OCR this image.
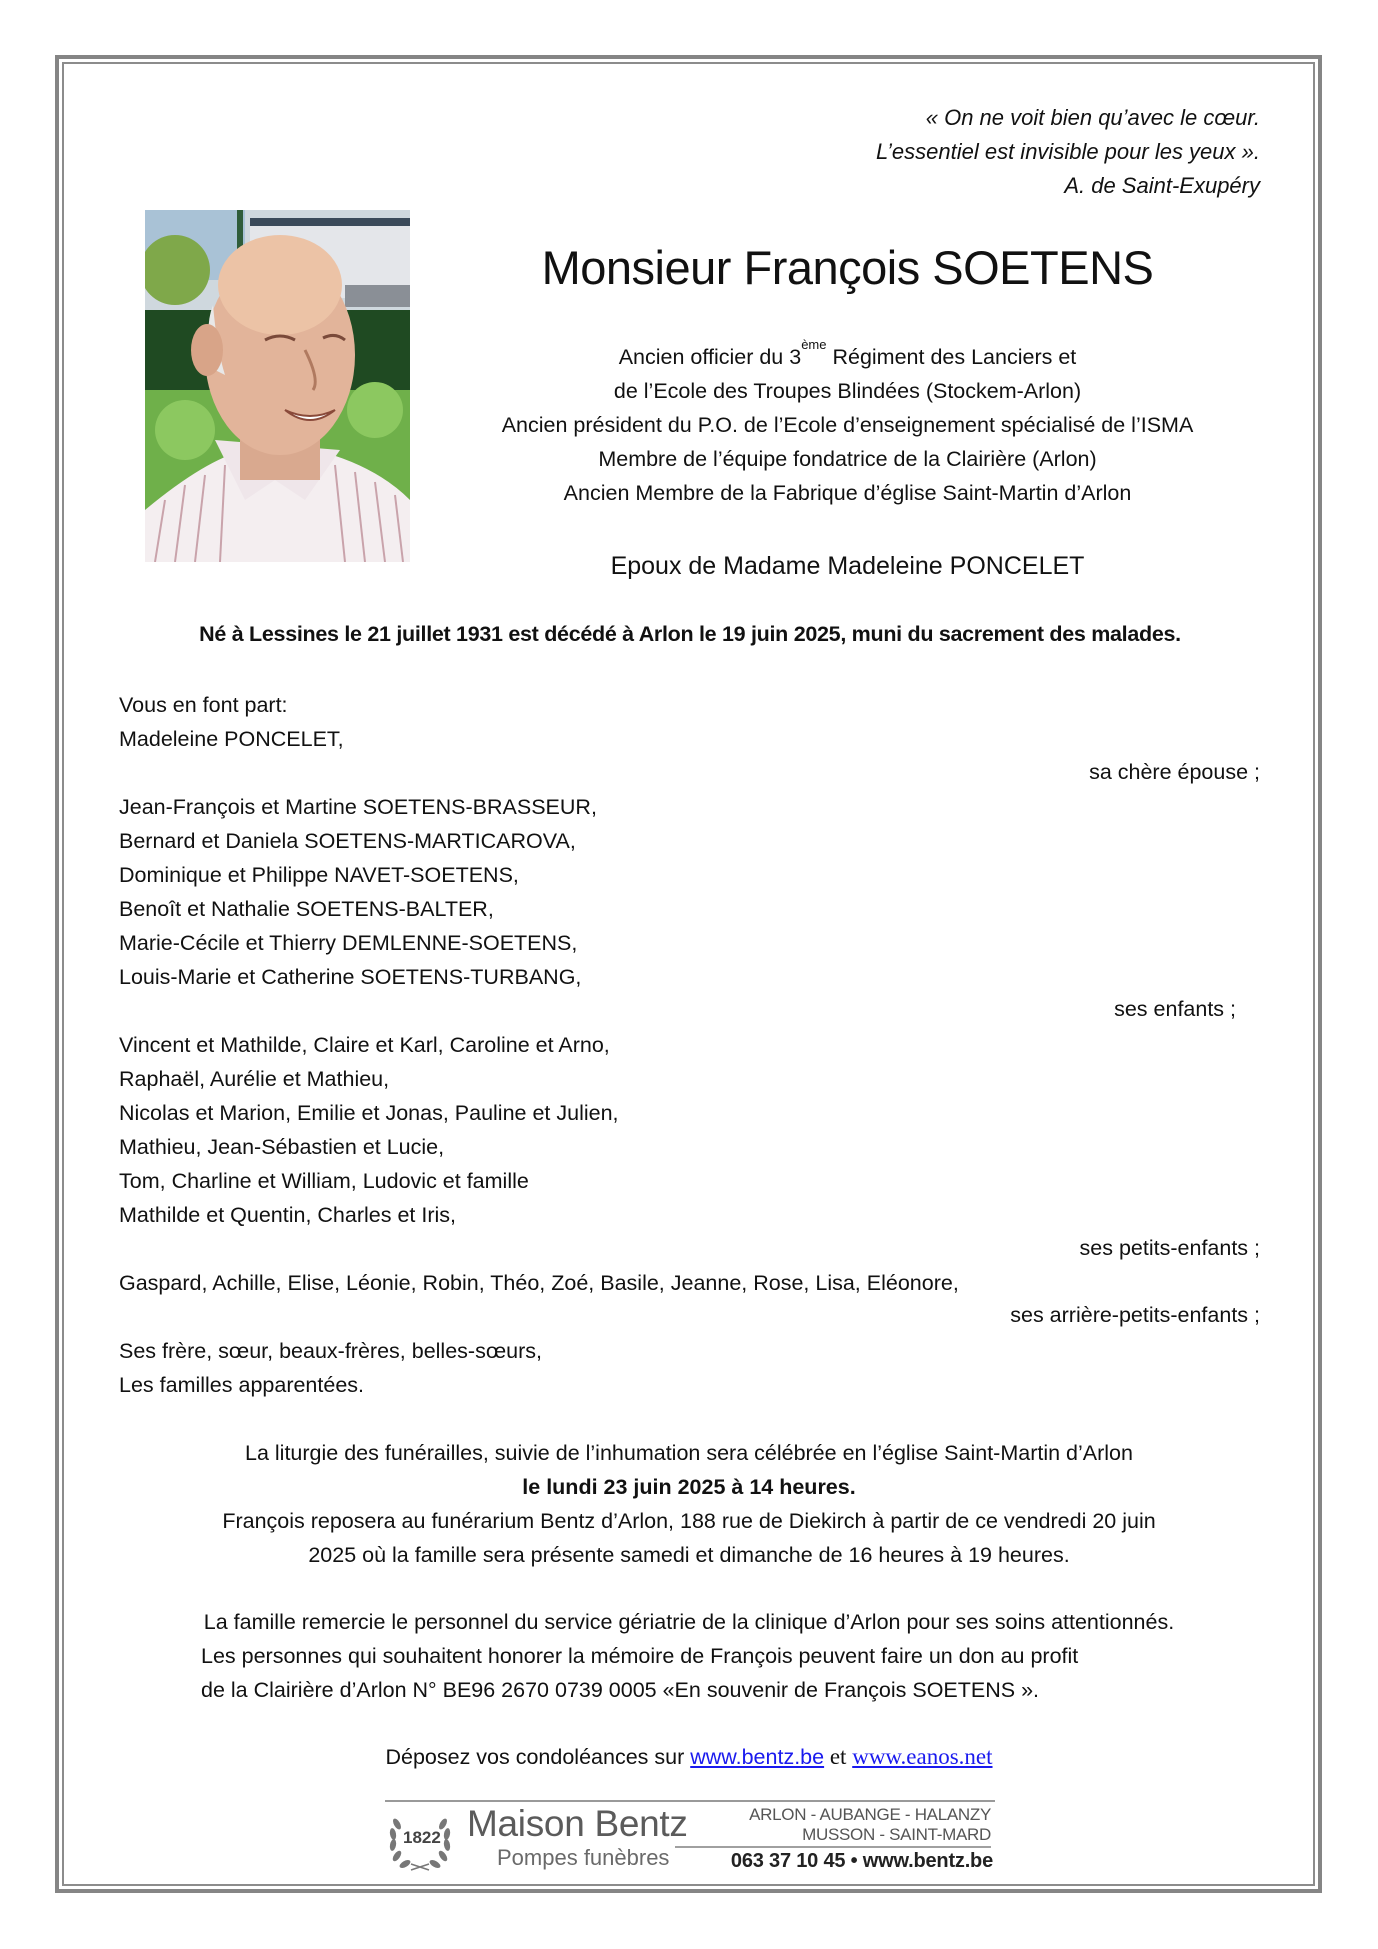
« On ne voit bien qu’avec le cœur.
L’essentiel est invisible pour les yeux ».
A. de Saint-Exupéry
Monsieur François SOETENS
Ancien officier du 3ème Régiment des Lanciers et
de l’Ecole des Troupes Blindées (Stockem-Arlon)
Ancien président du P.O. de l’Ecole d’enseignement spécialisé de l’ISMA
Membre de l’équipe fondatrice de la Clairière (Arlon)
Ancien Membre de la Fabrique d’église Saint-Martin d’Arlon
Epoux de Madame Madeleine PONCELET
Né à Lessines le 21 juillet 1931 est décédé à Arlon le 19 juin 2025, muni du sacrement des malades.
Vous en font part:
Madeleine PONCELET,
sa chère épouse ;
Jean-François et Martine SOETENS-BRASSEUR,
Bernard et Daniela SOETENS-MARTICAROVA,
Dominique et Philippe NAVET-SOETENS,
Benoît et Nathalie SOETENS-BALTER,
Marie-Cécile et Thierry DEMLENNE-SOETENS,
Louis-Marie et Catherine SOETENS-TURBANG,
ses enfants ;
Vincent et Mathilde, Claire et Karl, Caroline et Arno,
Raphaël, Aurélie et Mathieu,
Nicolas et Marion, Emilie et Jonas, Pauline et Julien,
Mathieu, Jean-Sébastien et Lucie,
Tom, Charline et William, Ludovic et famille
Mathilde et Quentin, Charles et Iris,
ses petits-enfants ;
Gaspard, Achille, Elise, Léonie, Robin, Théo, Zoé, Basile, Jeanne, Rose, Lisa, Eléonore,
ses arrière-petits-enfants ;
Ses frère, sœur, beaux-frères, belles-sœurs,
Les familles apparentées.
La liturgie des funérailles, suivie de l’inhumation sera célébrée en l’église Saint-Martin d’Arlon
le lundi 23 juin 2025 à 14 heures.
François reposera au funérarium Bentz d’Arlon, 188 rue de Diekirch à partir de ce vendredi 20 juin
2025 où la famille sera présente samedi et dimanche de 16 heures à 19 heures.
La famille remercie le personnel du service gériatrie de la clinique d’Arlon pour ses soins attentionnés.
Les personnes qui souhaitent honorer la mémoire de François peuvent faire un don au profit
de la Clairière d’Arlon N° BE96 2670 0739 0005 «En souvenir de François SOETENS ».
Déposez vos condoléances sur www.bentz.be et www.eanos.net
1822 Maison Bentz
Pompes funèbres
ARLON - AUBANGE - HALANZY
MUSSON - SAINT-MARD
063 37 10 45 • www.bentz.be
